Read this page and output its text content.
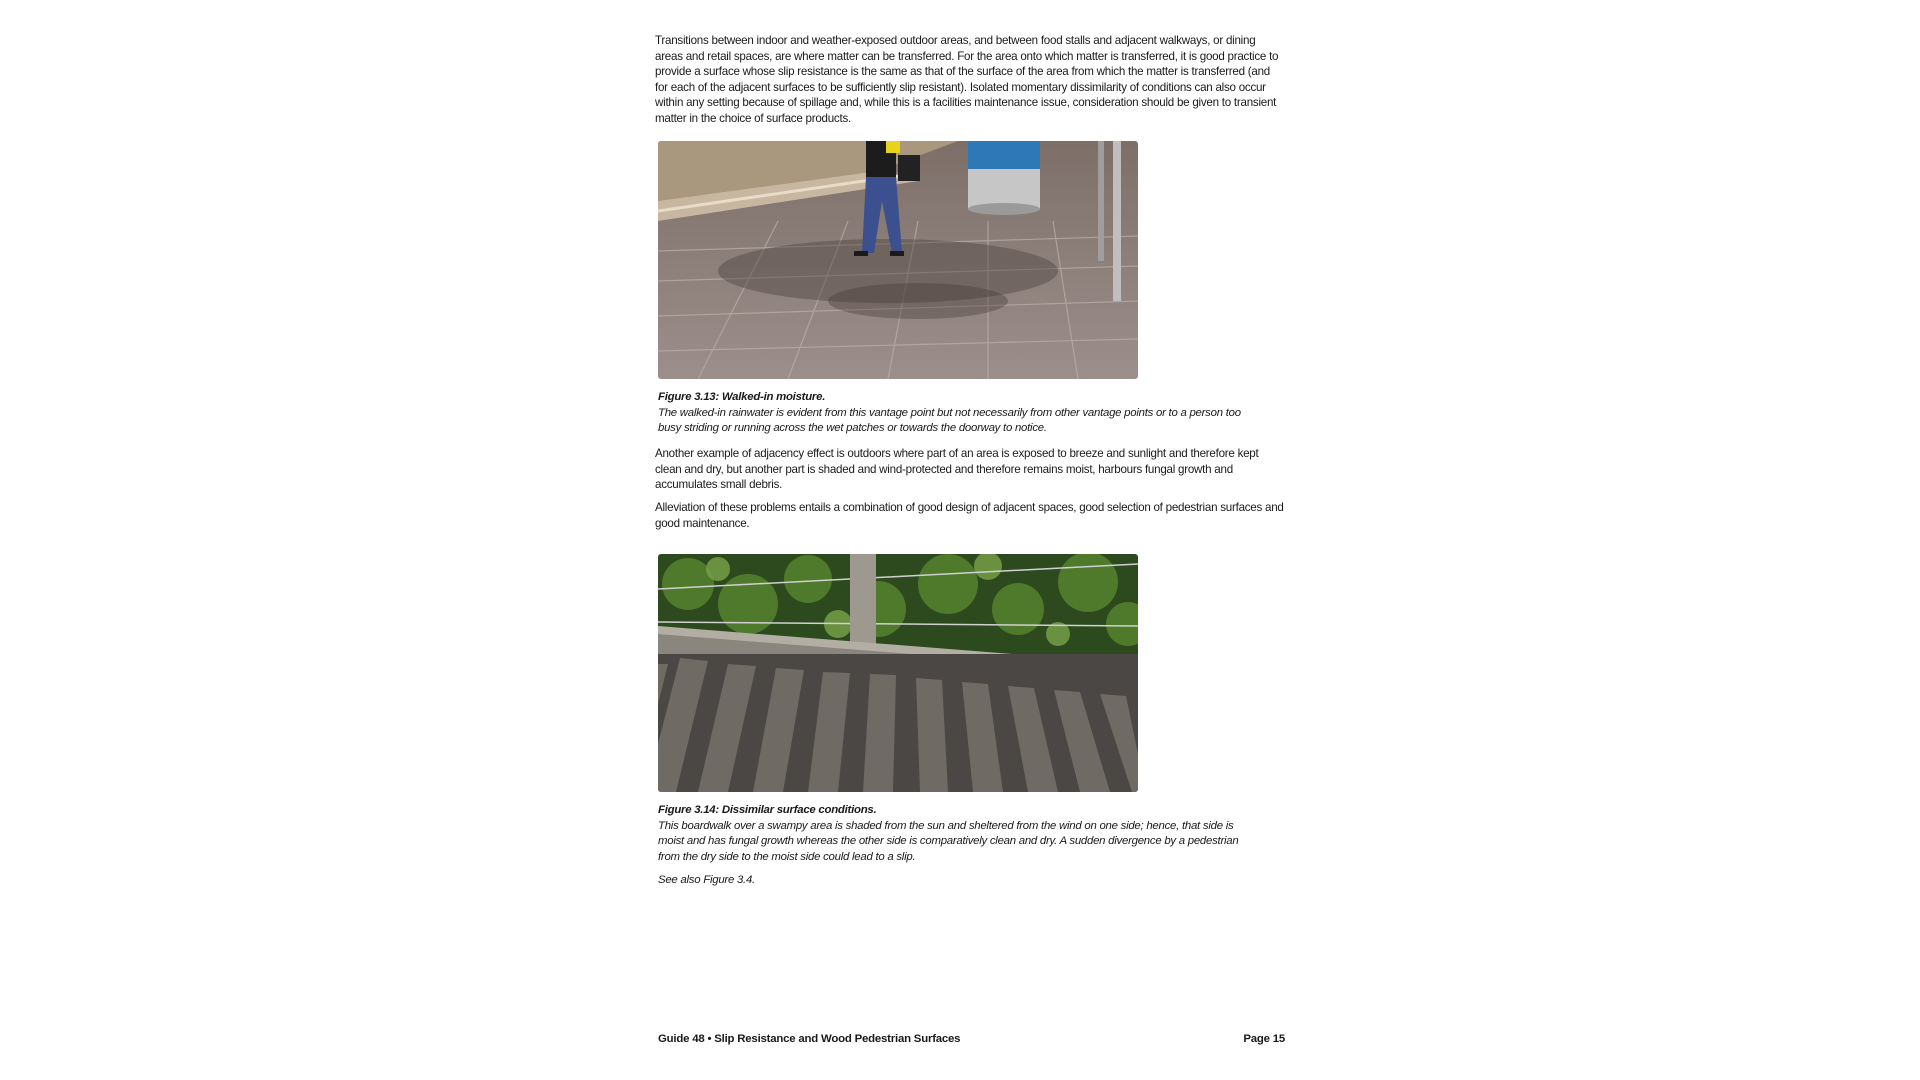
Transitions between indoor and weather-exposed outdoor areas, and between food stalls and adjacent walkways, or dining areas and retail spaces, are where matter can be transferred. For the area onto which matter is transferred, it is good practice to provide a surface whose slip resistance is the same as that of the surface of the area from which the matter is transferred (and for each of the adjacent surfaces to be sufficiently slip resistant). Isolated momentary dissimilarity of conditions can also occur within any setting because of spillage and, while this is a facilities maintenance issue, consideration should be given to transient matter in the choice of surface products.

Figure 3.13: Walked-in moisture.
The walked-in rainwater is evident from this vantage point but not necessarily from other vantage points or to a person too busy striding or running across the wet patches or towards the doorway to notice.

Another example of adjacency effect is outdoors where part of an area is exposed to breeze and sunlight and therefore kept clean and dry, but another part is shaded and wind-protected and therefore remains moist, harbours fungal growth and accumulates small debris.

Alleviation of these problems entails a combination of good design of adjacent spaces, good selection of pedestrian surfaces and good maintenance.

Figure 3.14: Dissimilar surface conditions.
This boardwalk over a swampy area is shaded from the sun and sheltered from the wind on one side; hence, that side is moist and has fungal growth whereas the other side is comparatively clean and dry. A sudden divergence by a pedestrian from the dry side to the moist side could lead to a slip.

See also Figure 3.4.
Guide 48 • Slip Resistance and Wood Pedestrian Surfaces	Page 15
